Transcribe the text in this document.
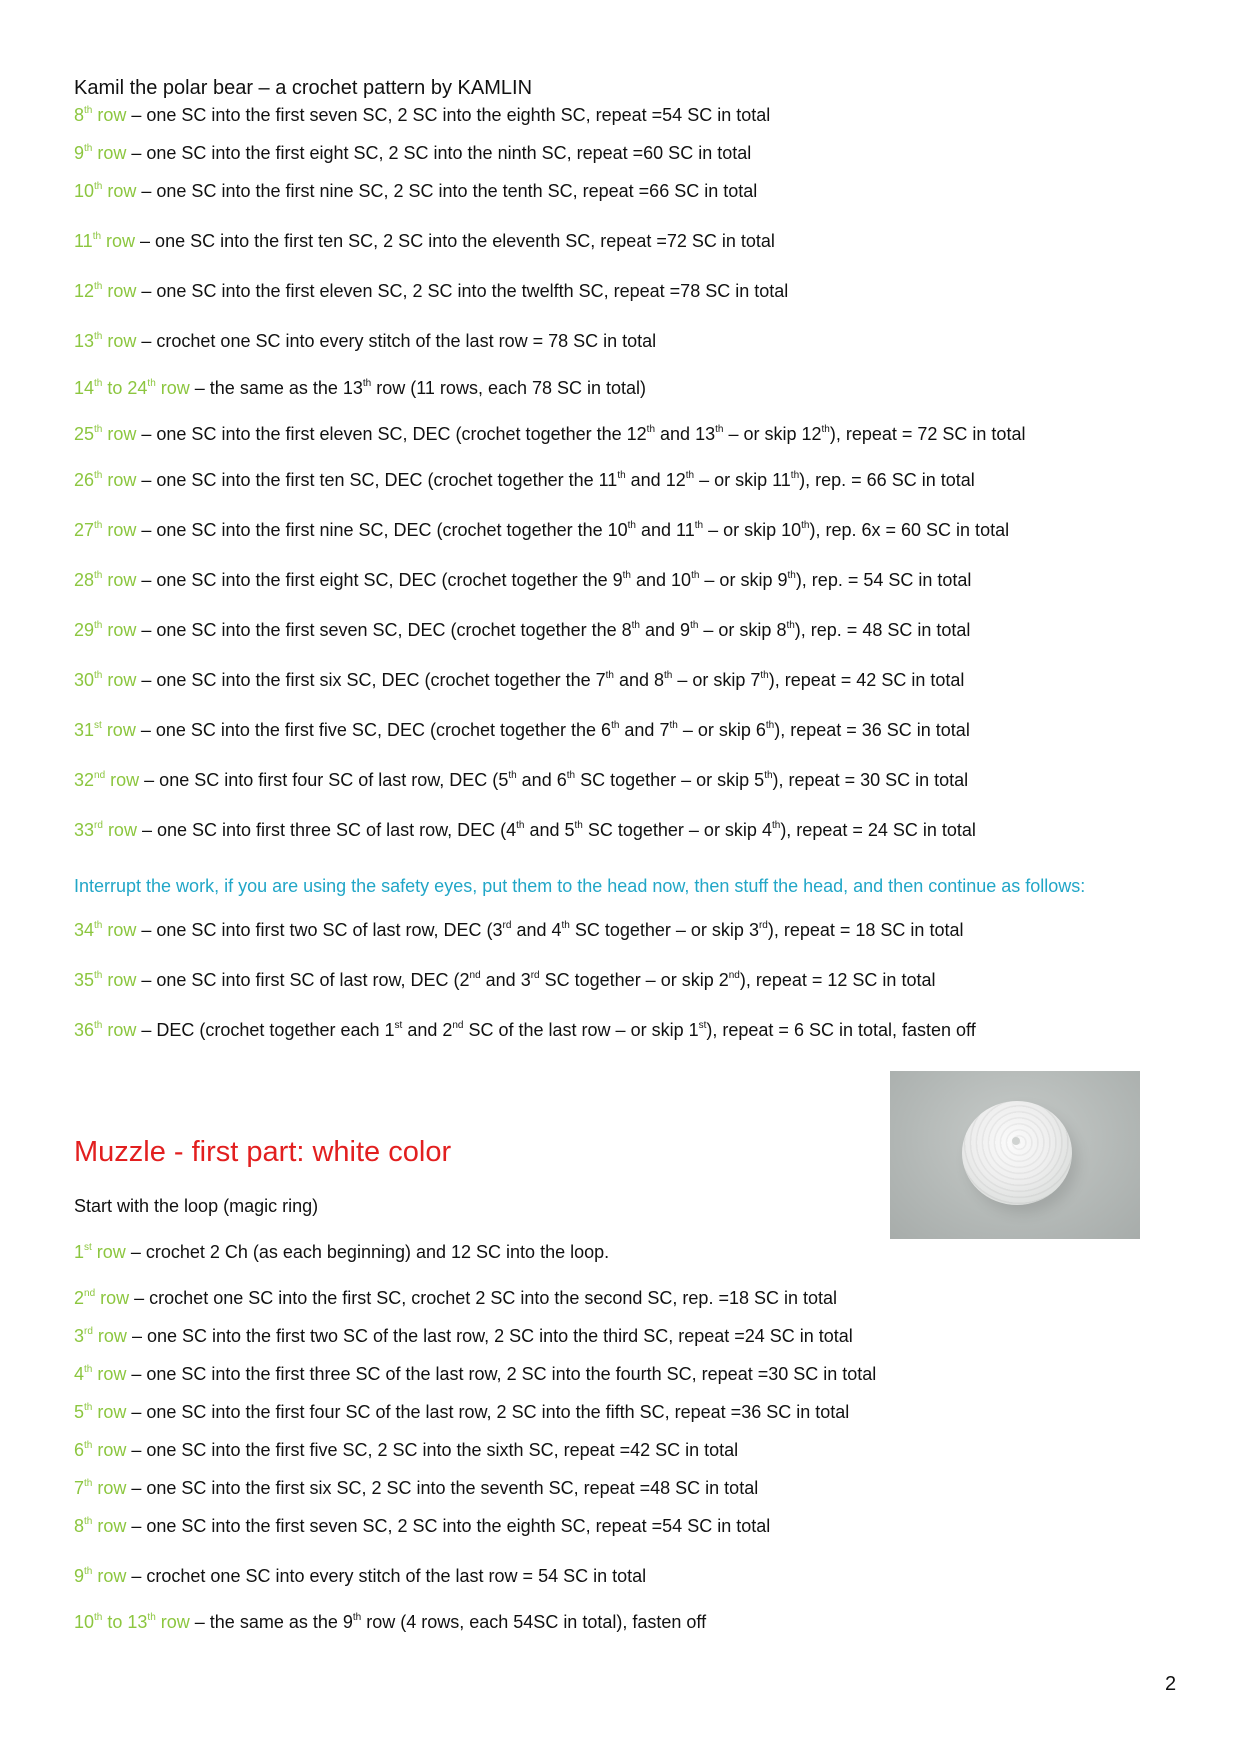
Kamil the polar bear – a crochet pattern by KAMLIN
8th row – one SC into the first seven SC, 2 SC into the eighth SC, repeat =54 SC in total
9th row – one SC into the first eight SC, 2 SC into the ninth SC, repeat =60 SC in total
10th row – one SC into the first nine SC, 2 SC into the tenth SC, repeat =66 SC in total
11th row – one SC into the first ten SC, 2 SC into the eleventh SC, repeat =72 SC in total
12th row – one SC into the first eleven SC, 2 SC into the twelfth SC, repeat =78 SC in total
13th row – crochet one SC into every stitch of the last row = 78 SC in total
14th to 24th row – the same as the 13th row (11 rows, each 78 SC in total)
25th row – one SC into the first eleven SC, DEC (crochet together the 12th and 13th – or skip 12th), repeat = 72 SC in total
26th row – one SC into the first ten SC, DEC (crochet together the 11th and 12th – or skip 11th), rep. = 66 SC in total
27th row – one SC into the first nine SC, DEC (crochet together the 10th and 11th – or skip 10th), rep. 6x = 60 SC in total
28th row – one SC into the first eight SC, DEC (crochet together the 9th and 10th – or skip 9th), rep. = 54 SC in total
29th row – one SC into the first seven SC, DEC (crochet together the 8th and 9th – or skip 8th), rep. = 48 SC in total
30th row – one SC into the first six SC, DEC (crochet together the 7th and 8th – or skip 7th), repeat = 42 SC in total
31st row – one SC into the first five SC, DEC (crochet together the 6th and 7th – or skip 6th), repeat = 36 SC in total
32nd row – one SC into first four SC of last row, DEC (5th and 6th SC together – or skip 5th), repeat = 30 SC in total
33rd row – one SC into first three SC of last row, DEC (4th and 5th SC together – or skip 4th), repeat = 24 SC in total
Interrupt the work, if you are using the safety eyes, put them to the head now, then stuff the head, and then continue as follows:
34th row – one SC into first two SC of last row, DEC (3rd and 4th SC together – or skip 3rd), repeat = 18 SC in total
35th row – one SC into first SC of last row, DEC (2nd and 3rd SC together – or skip 2nd), repeat = 12 SC in total
36th row – DEC (crochet together each 1st and 2nd SC of the last row – or skip 1st), repeat = 6 SC in total, fasten off
Muzzle - first part: white color
Start with the loop (magic ring)
1st row – crochet 2 Ch (as each beginning) and 12 SC into the loop.
2nd row – crochet one SC into the first SC, crochet 2 SC into the second SC, rep. =18 SC in total
3rd row – one SC into the first two SC of the last row, 2 SC into the third SC, repeat =24 SC in total
4th row – one SC into the first three SC of the last row, 2 SC into the fourth SC, repeat =30 SC in total
5th row – one SC into the first four SC of the last row, 2 SC into the fifth SC, repeat =36 SC in total
6th row – one SC into the first five SC, 2 SC into the sixth SC, repeat =42 SC in total
7th row – one SC into the first six SC, 2 SC into the seventh SC, repeat =48 SC in total
8th row – one SC into the first seven SC, 2 SC into the eighth SC, repeat =54 SC in total
9th row – crochet one SC into every stitch of the last row = 54 SC in total
10th to 13th row – the same as the 9th row (4 rows, each 54SC in total), fasten off
2
